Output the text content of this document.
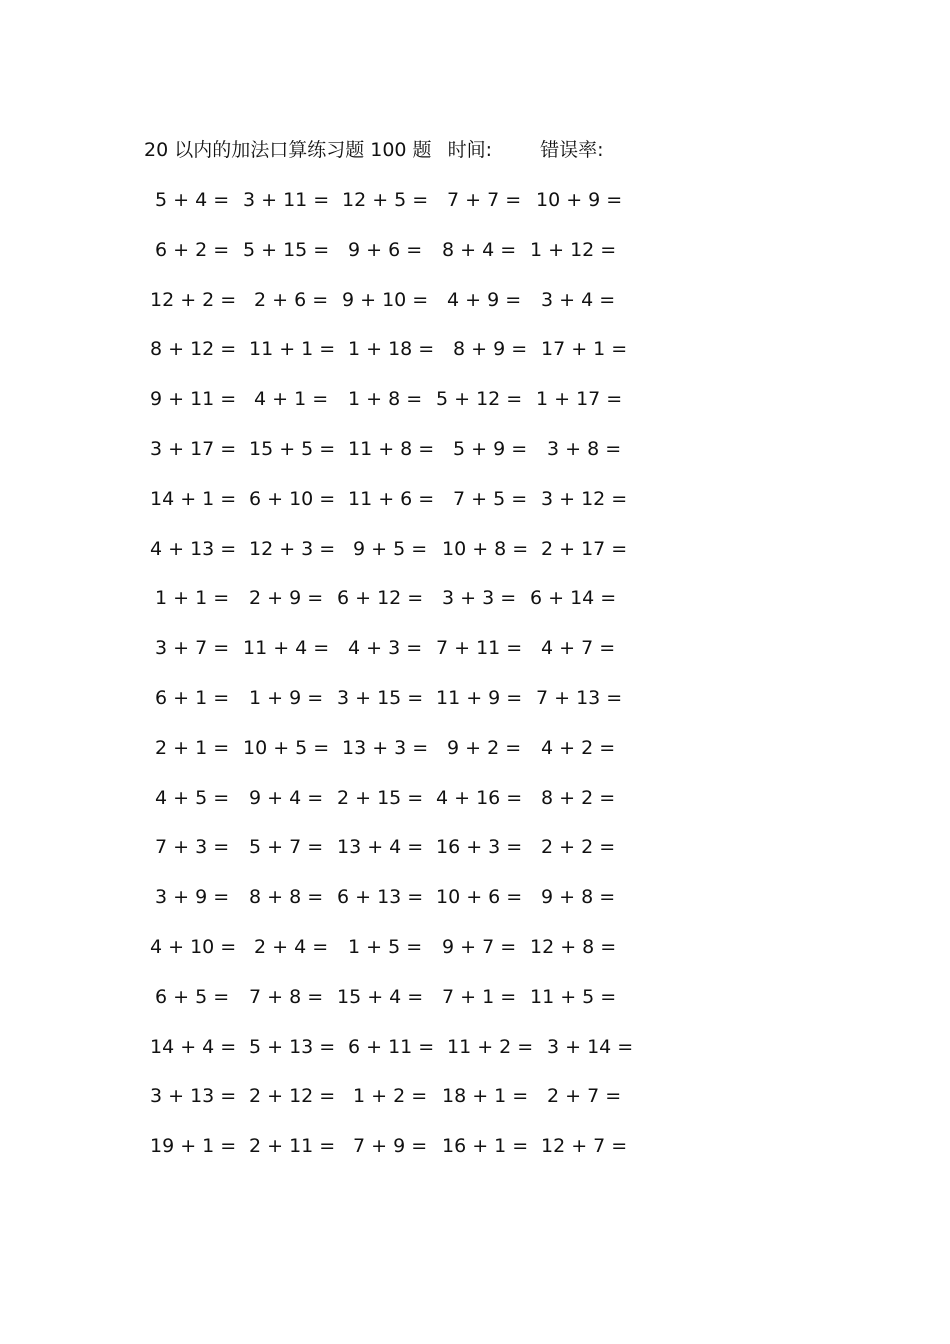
20 以内的加法口算练习题 100 题 时间:	错误率:
5 + 4 = 3 + 11 = 12 + 5 = 7 + 7 = 10 + 9 =
6 + 2 = 5 + 15 = 9 + 6 = 8 + 4 = 1 + 12 =
12 + 2 = 2 + 6 = 9 + 10 = 4 + 9 = 3 + 4 =
8 + 12 = 11 + 1 = 1 + 18 = 8 + 9 = 17 + 1 =
9 + 11 = 4 + 1 = 1 + 8 = 5 + 12 = 1 + 17 =
3 + 17 = 15 + 5 = 11 + 8 = 5 + 9 = 3 + 8 =
14 + 1 = 6 + 10 = 11 + 6 = 7 + 5 = 3 + 12 =
4 + 13 = 12 + 3 = 9 + 5 = 10 + 8 = 2 + 17 =
1 + 1 = 2 + 9 = 6 + 12 = 3 + 3 = 6 + 14 =
3 + 7 = 11 + 4 = 4 + 3 = 7 + 11 = 4 + 7 =
6 + 1 = 1 + 9 = 3 + 15 = 11 + 9 = 7 + 13 =
2 + 1 = 10 + 5 = 13 + 3 = 9 + 2 = 4 + 2 =
4 + 5 = 9 + 4 = 2 + 15 = 4 + 16 = 8 + 2 =
7 + 3 = 5 + 7 = 13 + 4 = 16 + 3 = 2 + 2 =
3 + 9 = 8 + 8 = 6 + 13 = 10 + 6 = 9 + 8 =
4 + 10 = 2 + 4 = 1 + 5 = 9 + 7 = 12 + 8 =
6 + 5 = 7 + 8 = 15 + 4 = 7 + 1 = 11 + 5 =
14 + 4 = 5 + 13 = 6 + 11 = 11 + 2 = 3 + 14 =
3 + 13 = 2 + 12 = 1 + 2 = 18 + 1 = 2 + 7 =
19 + 1 = 2 + 11 = 7 + 9 = 16 + 1 = 12 + 7 =
